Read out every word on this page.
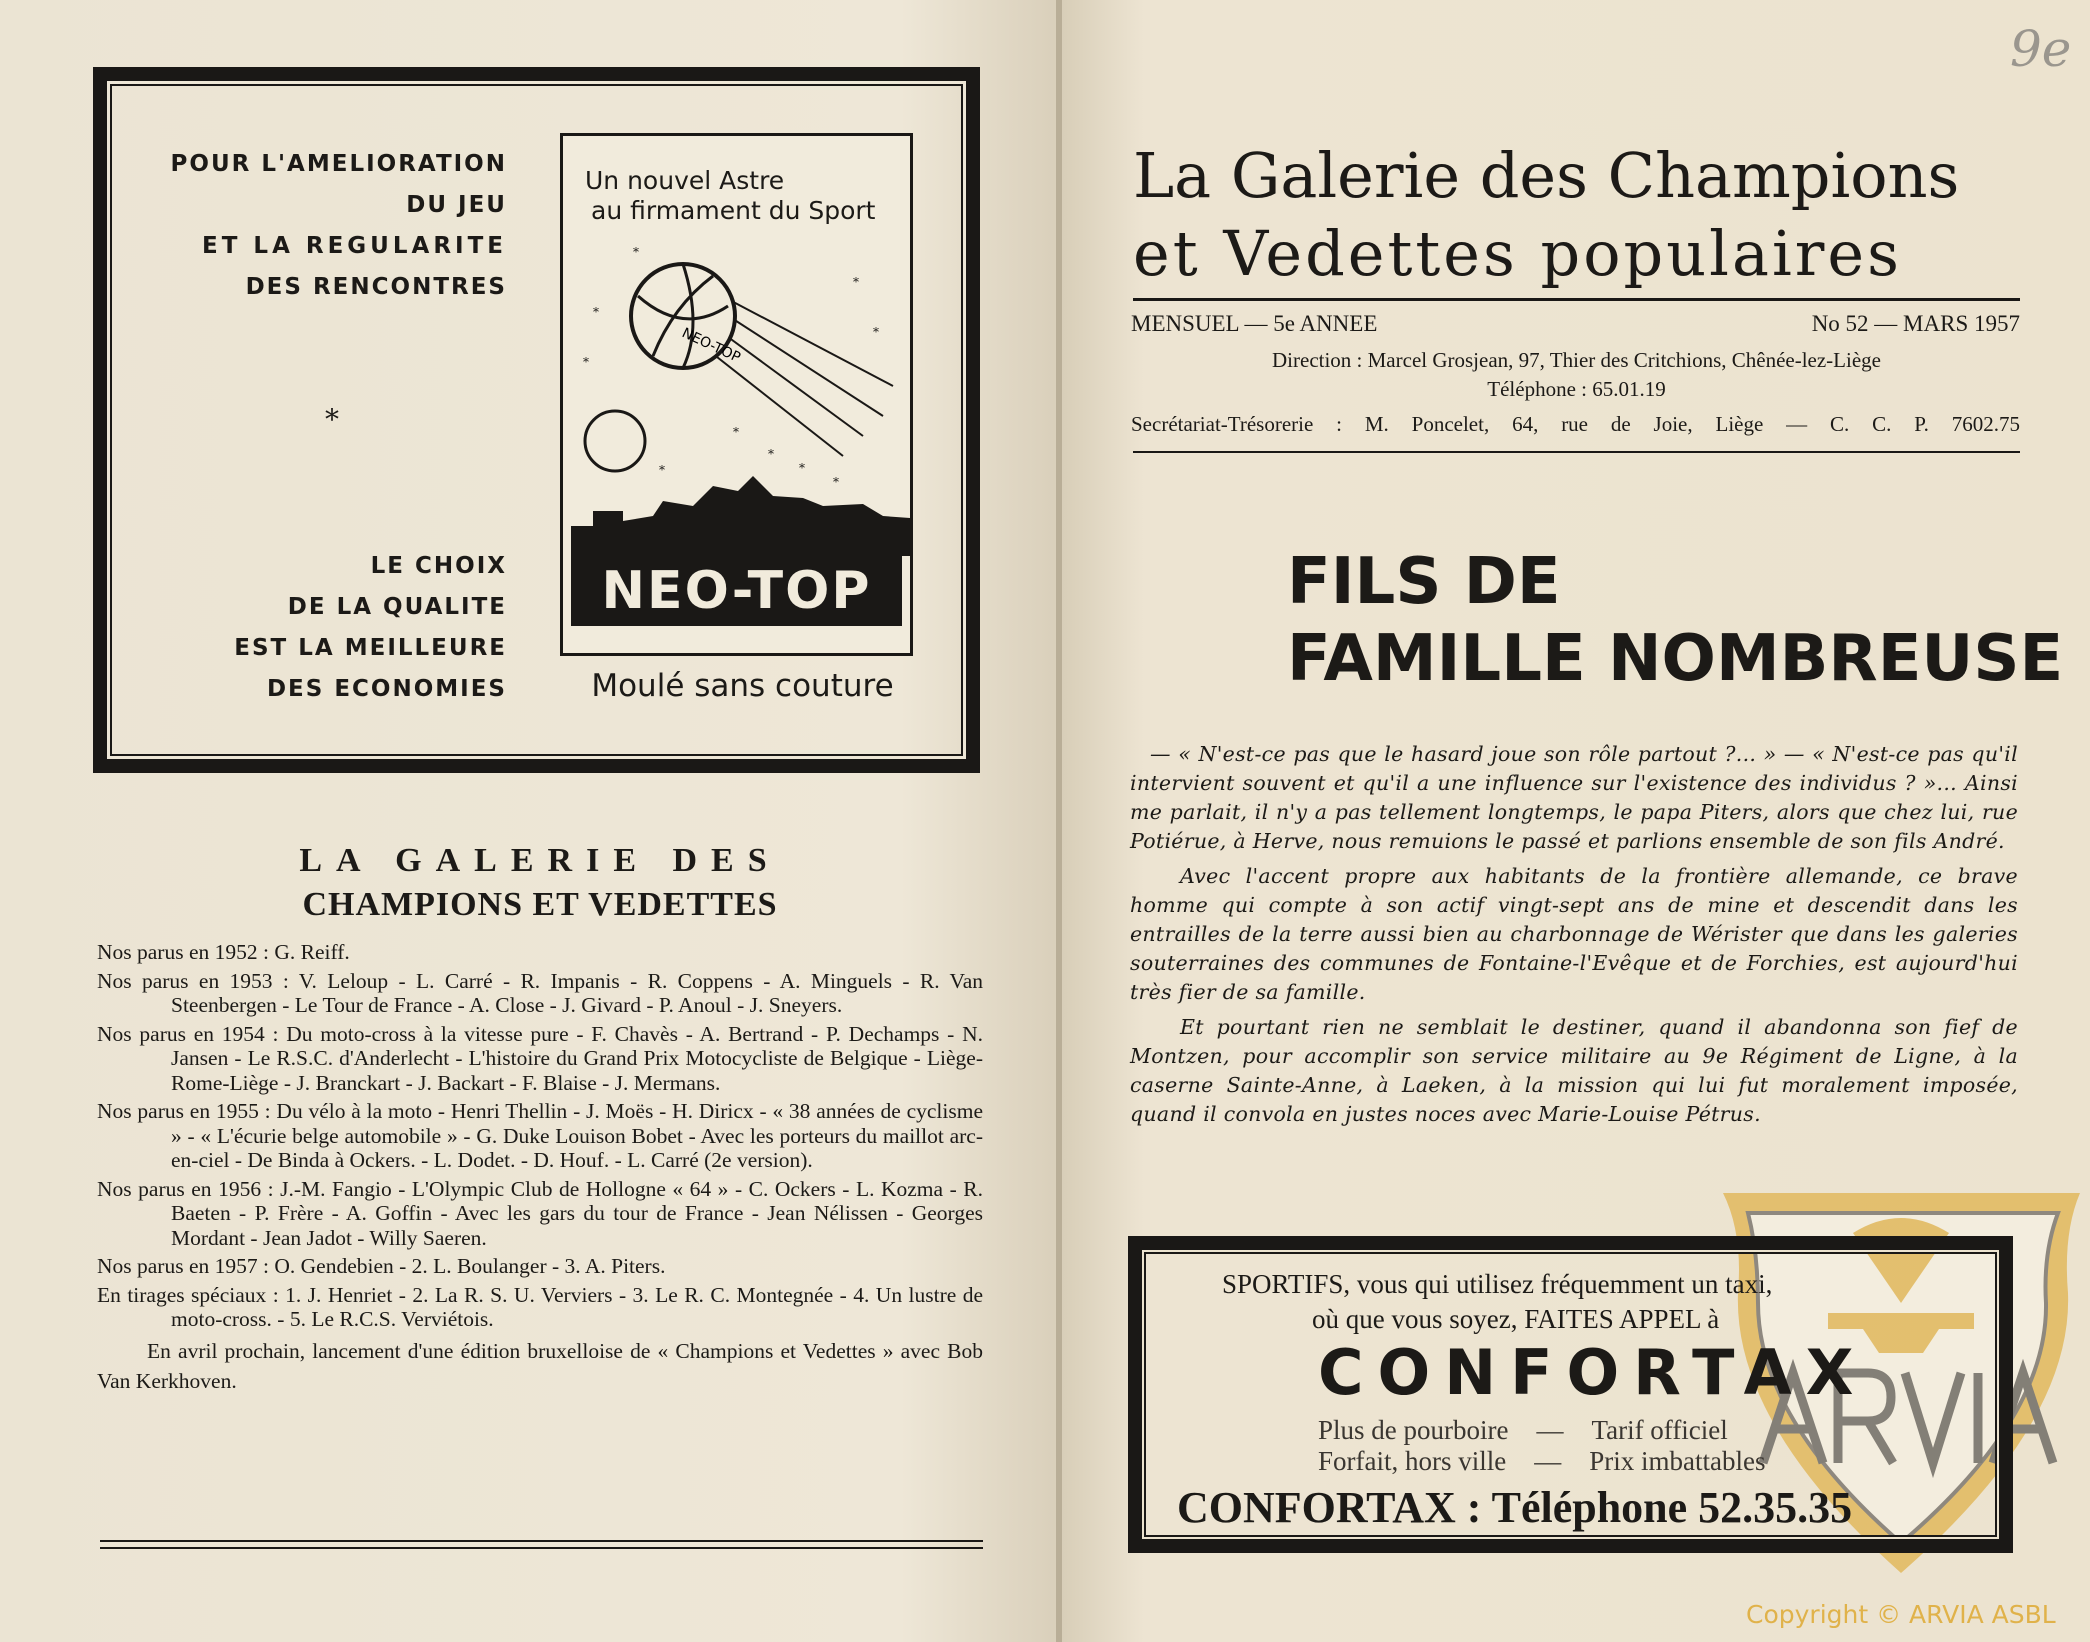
POUR L'AMELIORATION
DU JEU
ET LA REGULARITE
DES RENCONTRES
*
LE CHOIX
DE LA QUALITE
EST LA MEILLEURE
DES ECONOMIES
Un nouvel Astre
au firmament du Sport
NEO-TOP
*
*
*
*
*
*
*
*	*
*
NEO-TOP
Moulé sans couture
LA GALERIE DES
CHAMPIONS ET VEDETTES

Nos parus en 1952 : G. Reiff.

Nos parus en 1953 : V. Leloup - L. Carré - R. Impanis - R. Coppens - A. Minguels - R. Van Steenbergen - Le Tour de France - A. Close - J. Givard - P. Anoul - J. Sneyers.

Nos parus en 1954 : Du moto-cross à la vitesse pure - F. Chavès - A. Bertrand - P. Dechamps - N. Jansen - Le R.S.C. d'Anderlecht - L'histoire du Grand Prix Motocycliste de Belgique - Liège-Rome-Liège - J. Branckart - J. Backart - F. Blaise - J. Mermans.

Nos parus en 1955 : Du vélo à la moto - Henri Thellin - J. Moës - H. Diricx - « 38 années de cyclisme » - « L'écurie belge automobile » - G. Duke Louison Bobet - Avec les porteurs du maillot arc-en-ciel - De Binda à Ockers. - L. Dodet. - D. Houf. - L. Carré (2e version).

Nos parus en 1956 : J.-M. Fangio - L'Olympic Club de Hollogne « 64 » - C. Ockers - L. Kozma - R. Baeten - P. Frère - A. Goffin - Avec les gars du tour de France - Jean Nélissen - Georges Mordant - Jean Jadot - Willy Saeren.

Nos parus en 1957 : O. Gendebien - 2. L. Boulanger - 3. A. Piters.

En tirages spéciaux : 1. J. Henriet - 2. La R. S. U. Verviers - 3. Le R. C. Montegnée - 4. Un lustre de moto-cross. - 5. Le R.C.S. Verviétois.

En avril prochain, lancement d'une édition bruxelloise de « Champions et Vedettes » avec Bob Van Kerkhoven.

9e
La Galerie des Champions
et Vedettes populaires
MENSUEL — 5e ANNEE	No 52 — MARS 1957
Direction : Marcel Grosjean, 97, Thier des Critchions, Chênée-lez-Liège
Téléphone : 65.01.19
Secrétariat-Trésorerie : M. Poncelet, 64, rue de Joie, Liège — C. C. P. 7602.75
FILS DE
FAMILLE NOMBREUSE

— « N'est-ce pas que le hasard joue son rôle partout ?... » — « N'est-ce pas qu'il intervient souvent et qu'il a une influence sur l'existence des individus ? »... Ainsi me parlait, il n'y a pas tellement longtemps, le papa Piters, alors que chez lui, rue Potiérue, à Herve, nous remuions le passé et parlions ensemble de son fils André.

Avec l'accent propre aux habitants de la frontière allemande, ce brave homme qui compte à son actif vingt-sept ans de mine et descendit dans les entrailles de la terre aussi bien au charbonnage de Wérister que dans les galeries souterraines des communes de Fontaine-l'Evêque et de Forchies, est aujourd'hui très fier de sa famille.

Et pourtant rien ne semblait le destiner, quand il abandonna son fief de Montzen, pour accomplir son service militaire au 9e Régiment de Ligne, à la caserne Sainte-Anne, à Laeken, à la mission qui lui fut moralement imposée, quand il convola en justes noces avec Marie-Louise Pétrus.

SPORTIFS, vous qui utilisez fréquemment un taxi,
où que vous soyez, FAITES APPEL à
CONFORTAX
Plus de pourboire — Tarif officiel
Forfait, hors ville — Prix imbattables
CONFORTAX : Téléphone 52.35.35
Copyright © ARVIA ASBL
